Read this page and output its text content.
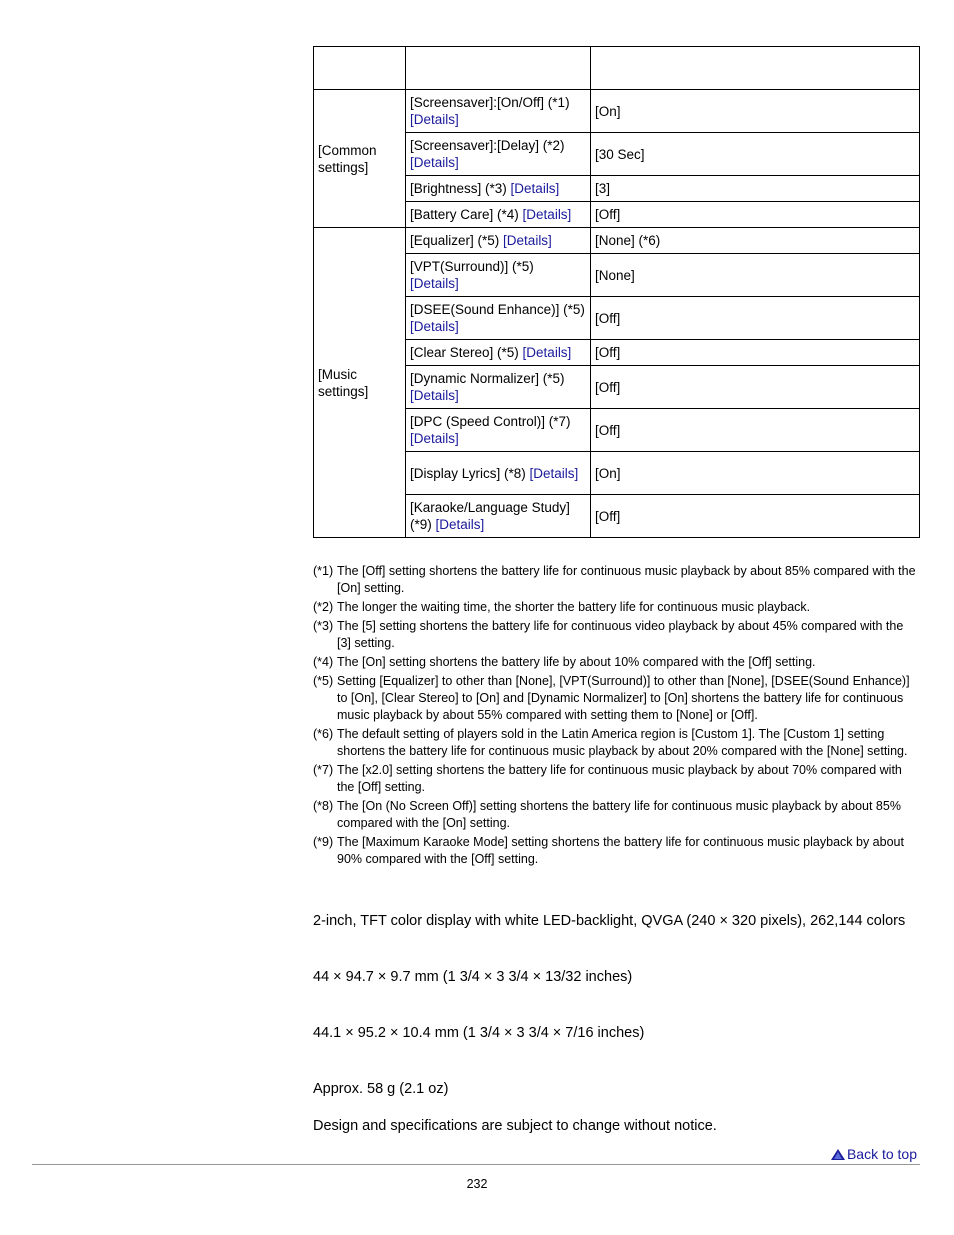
[Common settings]	[Screensaver]:[On/Off] (*1) [Details]	[On]
	[Screensaver]:[Delay] (*2) [Details]	[30 Sec]
	[Brightness] (*3) [Details]	[3]
	[Battery Care] (*4) [Details]	[Off]
[Music settings]	[Equalizer] (*5) [Details]	[None] (*6)
	[VPT(Surround)] (*5) [Details]	[None]
	[DSEE(Sound Enhance)] (*5) [Details]	[Off]
	[Clear Stereo] (*5) [Details]	[Off]
	[Dynamic Normalizer] (*5) [Details]	[Off]
	[DPC (Speed Control)] (*7) [Details]	[Off]
	[Display Lyrics] (*8) [Details]	[On]
	[Karaoke/Language Study] (*9) [Details]	[Off]
(*1) The [Off] setting shortens the battery life for continuous music playback by about 85% compared with the [On] setting.
(*2) The longer the waiting time, the shorter the battery life for continuous music playback.
(*3) The [5] setting shortens the battery life for continuous video playback by about 45% compared with the [3] setting.
(*4) The [On] setting shortens the battery life by about 10% compared with the [Off] setting.
(*5) Setting [Equalizer] to other than [None], [VPT(Surround)] to other than [None], [DSEE(Sound Enhance)] to [On], [Clear Stereo] to [On] and [Dynamic Normalizer] to [On] shortens the battery life for continuous music playback by about 55% compared with setting them to [None] or [Off].
(*6) The default setting of players sold in the Latin America region is [Custom 1]. The [Custom 1] setting shortens the battery life for continuous music playback by about 20% compared with the [None] setting.
(*7) The [x2.0] setting shortens the battery life for continuous music playback by about 70% compared with the [Off] setting.
(*8) The [On (No Screen Off)] setting shortens the battery life for continuous music playback by about 85% compared with the [On] setting.
(*9) The [Maximum Karaoke Mode] setting shortens the battery life for continuous music playback by about 90% compared with the [Off] setting.
2-inch, TFT color display with white LED-backlight, QVGA (240 × 320 pixels), 262,144 colors
44 × 94.7 × 9.7 mm (1 3/4 × 3 3/4 × 13/32 inches)
44.1 × 95.2 × 10.4 mm (1 3/4 × 3 3/4 × 7/16 inches)
Approx. 58 g (2.1 oz)
Design and specifications are subject to change without notice.
Back to top
232
